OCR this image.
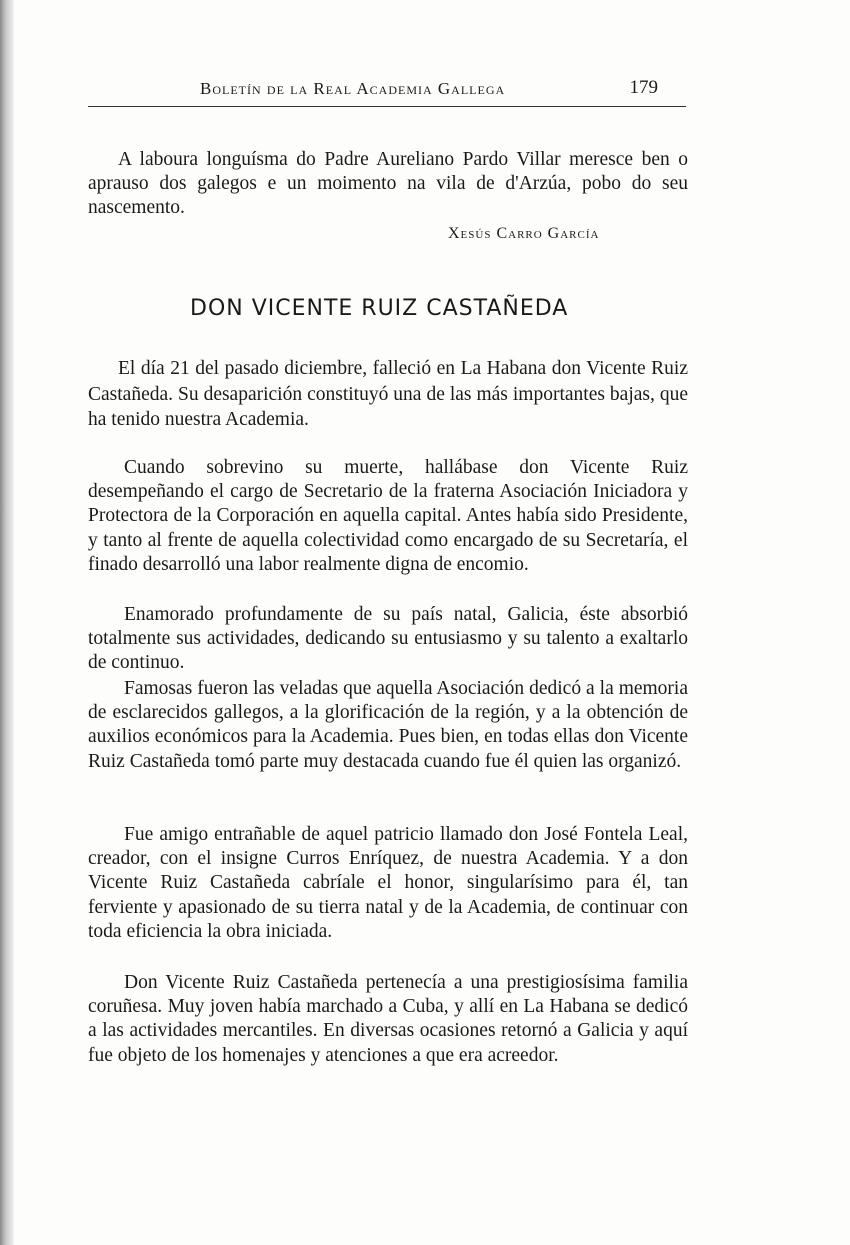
Boletín de la Real Academia Gallega	179

A laboura longuísma do Padre Aureliano Pardo Villar meresce ben o aprauso dos galegos e un moimento na vila de d'Arzúa, pobo do seu nascemento.

Xesús Carro García
DON VICENTE RUIZ CASTAÑEDA

El día 21 del pasado diciembre, falleció en La Habana don Vicente Ruiz Castañeda. Su desaparición constituyó una de las más importantes bajas, que ha tenido nuestra Academia.

Cuando sobrevino su muerte, hallábase don Vicente Ruiz desempeñando el cargo de Secretario de la fraterna Asociación Iniciadora y Protectora de la Corporación en aquella capital. Antes había sido Presidente, y tanto al frente de aquella colectividad como encargado de su Secretaría, el finado desarrolló una labor realmente digna de encomio.

Enamorado profundamente de su país natal, Galicia, éste absorbió totalmente sus actividades, dedicando su entusiasmo y su talento a exaltarlo de continuo.

Famosas fueron las veladas que aquella Asociación dedicó a la memoria de esclarecidos gallegos, a la glorificación de la región, y a la obtención de auxilios económicos para la Academia. Pues bien, en todas ellas don Vicente Ruiz Castañeda tomó parte muy destacada cuando fue él quien las organizó.

Fue amigo entrañable de aquel patricio llamado don José Fontela Leal, creador, con el insigne Curros Enríquez, de nuestra Academia. Y a don Vicente Ruiz Castañeda cabríale el honor, singularísimo para él, tan ferviente y apasionado de su tierra natal y de la Academia, de continuar con toda eficiencia la obra iniciada.

Don Vicente Ruiz Castañeda pertenecía a una prestigiosísima familia coruñesa. Muy joven había marchado a Cuba, y allí en La Habana se dedicó a las actividades mercantiles. En diversas ocasiones retornó a Galicia y aquí fue objeto de los homenajes y atenciones a que era acreedor.
